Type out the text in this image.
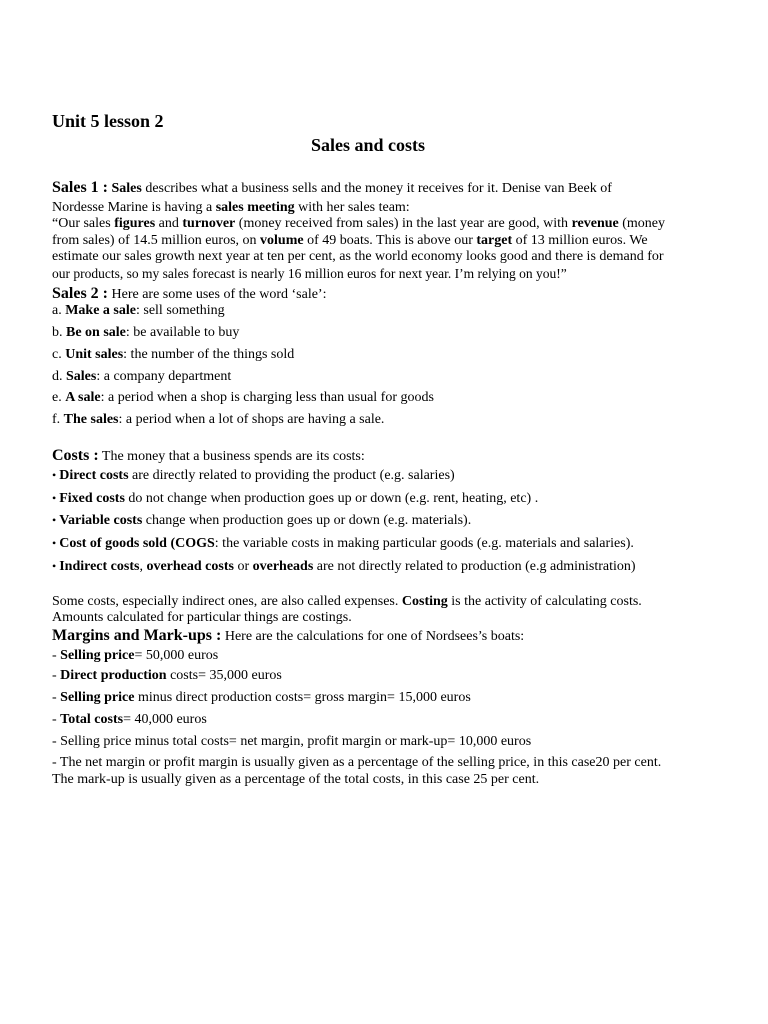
Unit 5 lesson 2
Sales and costs
Sales 1 : Sales describes what a business sells and the money it receives for it. Denise van Beek of
Nordesse Marine is having a sales meeting with her sales team:
“Our sales figures and turnover (money received from sales) in the last year are good, with revenue (money
from sales) of 14.5 million euros, on volume of 49 boats. This is above our target of 13 million euros. We
estimate our sales growth next year at ten per cent, as the world economy looks good and there is demand for
our products, so my sales forecast is nearly 16 million euros for next year. I’m relying on you!”
Sales 2 : Here are some uses of the word ‘sale’:
a. Make a sale: sell something
b. Be on sale: be available to buy
c. Unit sales: the number of the things sold
d. Sales: a company department
e. A sale: a period when a shop is charging less than usual for goods
f. The sales: a period when a lot of shops are having a sale.
Costs : The money that a business spends are its costs:
• Direct costs are directly related to providing the product (e.g. salaries)
• Fixed costs do not change when production goes up or down (e.g. rent, heating, etc) .
• Variable costs change when production goes up or down (e.g. materials).
• Cost of goods sold (COGS: the variable costs in making particular goods (e.g. materials and salaries).
• Indirect costs, overhead costs or overheads are not directly related to production (e.g administration)
Some costs, especially indirect ones, are also called expenses. Costing is the activity of calculating costs.
Amounts calculated for particular things are costings.
Margins and Mark-ups : Here are the calculations for one of Nordsees’s boats:
- Selling price= 50,000 euros
- Direct production costs= 35,000 euros
- Selling price minus direct production costs= gross margin= 15,000 euros
- Total costs= 40,000 euros
- Selling price minus total costs= net margin, profit margin or mark-up= 10,000 euros
- The net margin or profit margin is usually given as a percentage of the selling price, in this case20 per cent.
The mark-up is usually given as a percentage of the total costs, in this case 25 per cent.
